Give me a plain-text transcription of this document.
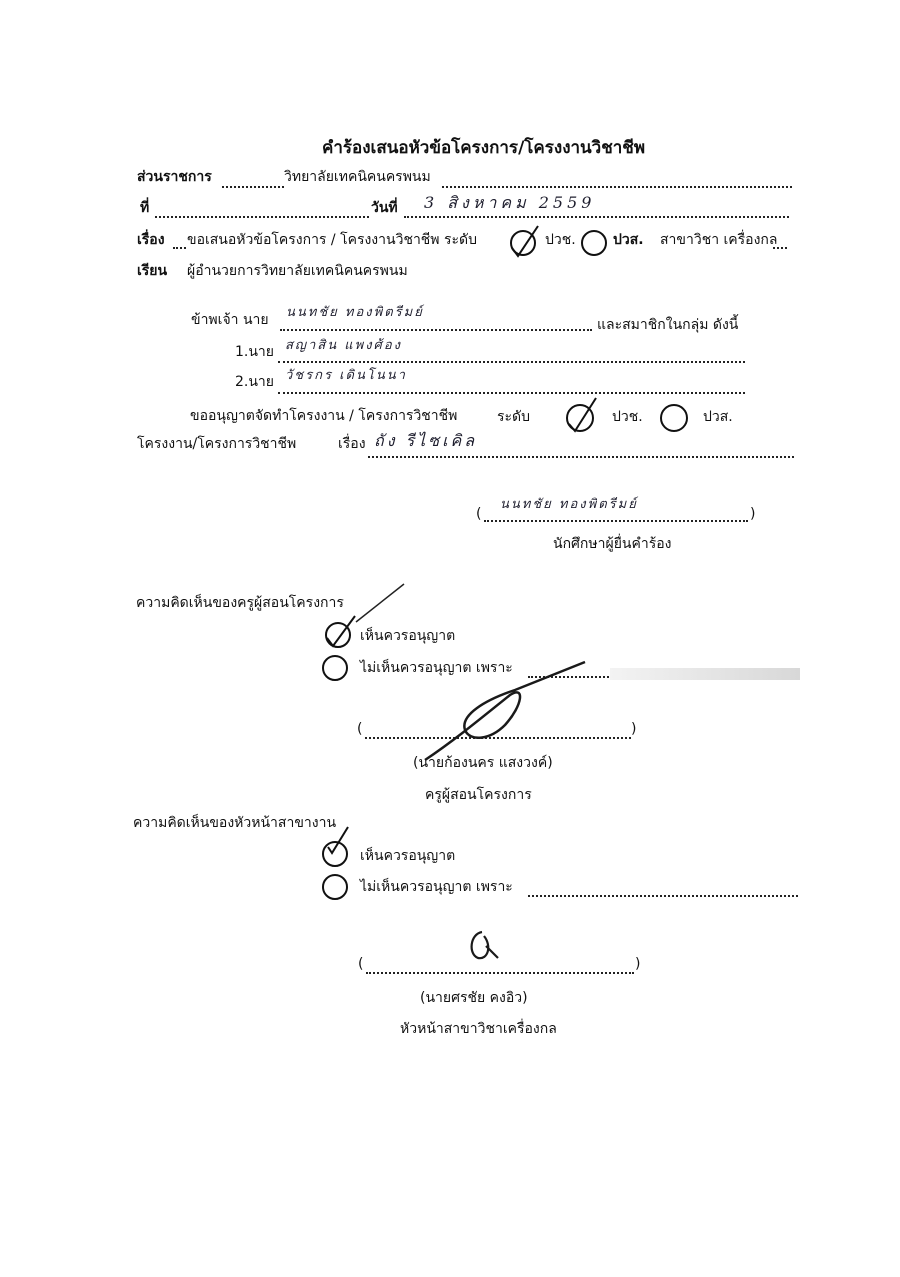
คำร้องเสนอหัวข้อโครงการ/โครงงานวิชาชีพ
ส่วนราชการ	วิทยาลัยเทคนิคนครพนม
ที่	วันที่ 3 สิงหาคม 2559
เรื่อง ขอเสนอหัวข้อโครงการ / โครงงานวิชาชีพ ระดับ	ปวช.	ปวส. สาขาวิชา เครื่องกล
เรียน ผู้อำนวยการวิทยาลัยเทคนิคนครพนม
ข้าพเจ้า นาย นนทชัย ทองพิตรีมย์
และสมาชิกในกลุ่ม ดังนี้
1.นาย สญาสิน แพงศ้อง
2.นาย วัชรกร เดินโนนา
ขออนุญาตจัดทำโครงงาน / โครงการวิชาชีพ	ระดับ	ปวช.	ปวส.
โครงงาน/โครงการวิชาชีพ	เรื่อง ถัง รีไซเคิล
(
นนทชัย ทองพิตรีมย์
)
นักศึกษาผู้ยื่นคำร้อง
ความคิดเห็นของครูผู้สอนโครงการ
เห็นควรอนุญาต
ไม่เห็นควรอนุญาต เพราะ
(	)
(นายก้องนคร แสงวงค์)
ครูผู้สอนโครงการ
ความคิดเห็นของหัวหน้าสาขางาน
เห็นควรอนุญาต
ไม่เห็นควรอนุญาต เพราะ
(	)
(นายศรชัย คงอิว)
หัวหน้าสาขาวิชาเครื่องกล
